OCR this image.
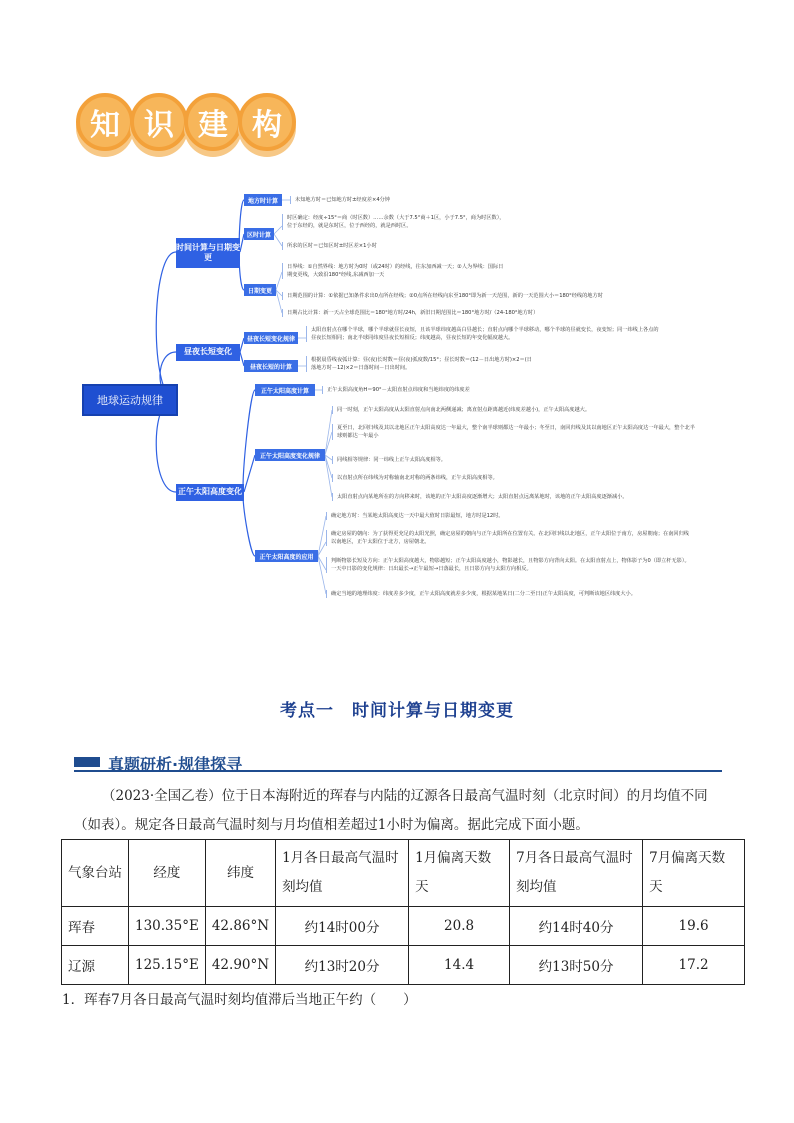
知 识 建 构
地球运动规律
时间计算与日期变更
昼夜长短变化
正午太阳高度变化
地方时计算
区时计算
日期变更
昼夜长短变化规律
昼夜长短的计算
正午太阳高度计算
正午太阳高度变化规律
正午太阳高度的应用
未知地方时＝已知地方时±经度差×4分钟
时区确定：经度÷15°＝商（时区数）……余数（大于7.5°商＋1区，小于7.5°，商为时区数），位于东经的，就是东时区，位于西经的，就是西时区。
所求的区时＝已知区时±时区差×1小时
日界线：①自然界线：地方时为0时（或24时）的经线，往东加西减一天；②人为界线：国际日期变更线，大致沿180°经线,东减西加一天
日期范围的计算：①依据已知条件求出0点所在经线；②0点所在经线向东至180°即为新一天范围，新的一天范围大小＝180°经线的地方时
日期占比计算：新一天占全球范围比＝180°地方时/24h，新旧日期范围比＝180°地方时/（24-180°地方时）
太阳直射点在哪个半球，哪个半球就昼长夜短，且该半球纬度越高白昼越长；直射点向哪个半球移动，哪个半球的昼就变长，夜变短；同一纬线上各点的昼夜长短相同；南北半球同纬度昼夜长短相反；纬度越高，昼夜长短的年变化幅度越大。
根据晨昏线夜弧计算：昼(夜)长时数＝昼(夜)弧度数/15°；昼长时数＝(12－日出地方时)×2＝(日落地方时－12)×2＝日落时间－日出时间。
正午太阳高度角H＝90°－太阳直射点纬度和当地纬度的纬度差
同一时刻，正午太阳高度从太阳直射点向南北两侧递减；离直射点距离越近(纬度差越小)，正午太阳高度越大。
夏至日，北回归线及其以北地区正午太阳高度达一年最大，整个南半球则都达一年最小；冬至日，南回归线及其以南地区正午太阳高度达一年最大，整个北半球则都达一年最小
同线相等规律：同一纬线上正午太阳高度相等。
以直射点所在纬线为对称轴南北对称的两条纬线，正午太阳高度相等。
太阳直射点向某地所在的方向移来时，该地的正午太阳高度逐渐增大；太阳直射点远离某地时，该地的正午太阳高度逐渐减小。
确定地方时：当某地太阳高度达一天中最大值时日影最短，地方时是12时。
确定房屋的朝向：为了获得更充足的太阳光照，确定房屋的朝向与正午太阳所在位置有关。在北回归线以北地区，正午太阳位于南方，房屋朝南；在南回归线以南地区，正午太阳位于北方，房屋朝北。
判断物影长短及方向：正午太阳高度越大，物影越短；正午太阳高度越小，物影越长，且物影方向背向太阳。在太阳直射点上，物体影子为0（即立杆无影）。一天中日影的变化规律：日出最长→正午最短→日落最长，且日影方向与太阳方向相反。
确定当地的地理纬度：纬度差多少度，正午太阳高度就差多少度，根据某地某日(二分二至日)正午太阳高度，可判断该地区纬度大小。
考点一　时间计算与日期变更
真题研析·规律探寻
（2023·全国乙卷）位于日本海附近的珲春与内陆的辽源各日最高气温时刻（北京时间）的月均值不同（如表）。规定各日最高气温时刻与月均值相差超过1小时为偏离。据此完成下面小题。
气象台站	经度	纬度	1月各日最高气温时刻均值	1月偏离天数天	7月各日最高气温时刻均值	7月偏离天数天
珲春	130.35°E	42.86°N	约14时00分	20.8	约14时40分	19.6
辽源	125.15°E	42.90°N	约13时20分	14.4	约13时50分	17.2
1．珲春7月各日最高气温时刻均值滞后当地正午约（　　）
